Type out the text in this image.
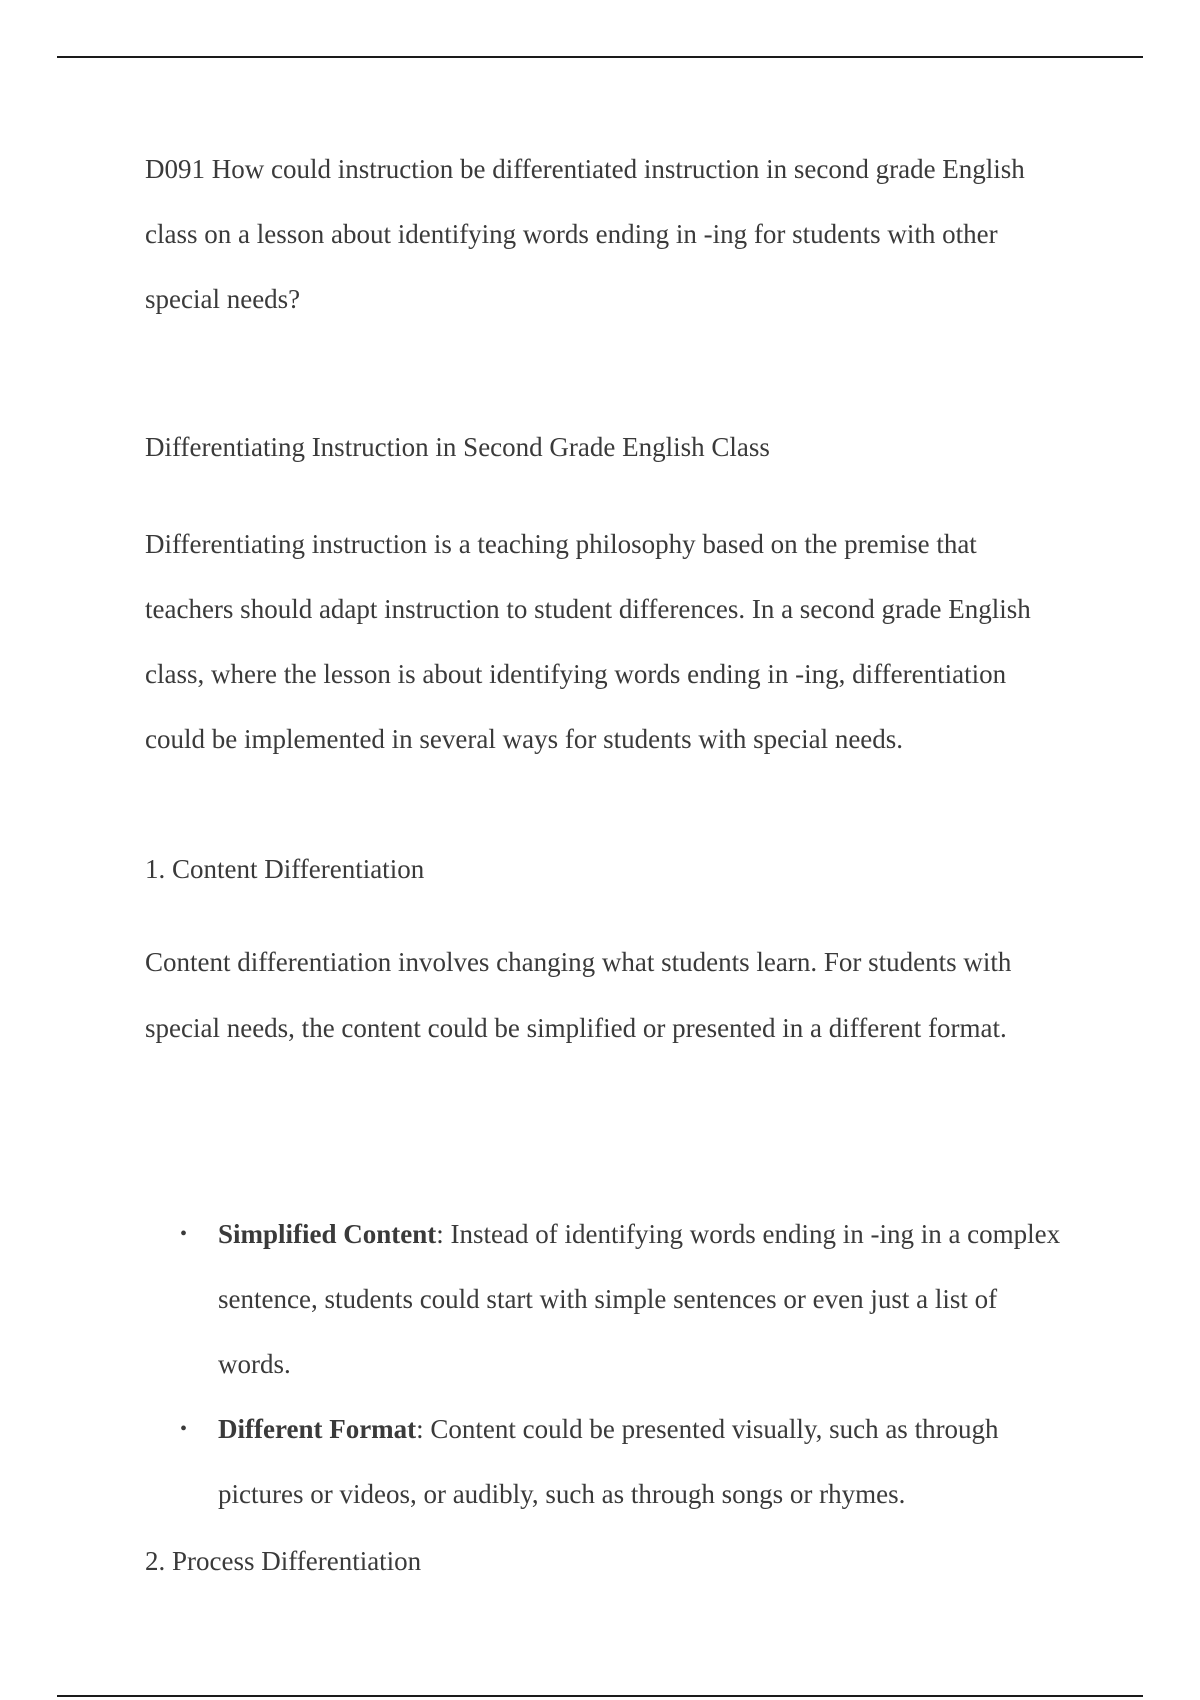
D091 How could instruction be differentiated instruction in second grade English class on a lesson about identifying words ending in -ing for students with other special needs?

Differentiating Instruction in Second Grade English Class

Differentiating instruction is a teaching philosophy based on the premise that teachers should adapt instruction to student differences. In a second grade English class, where the lesson is about identifying words ending in -ing, differentiation could be implemented in several ways for students with special needs.

1. Content Differentiation

Content differentiation involves changing what students learn. For students with special needs, the content could be simplified or presented in a different format.

• Simplified Content: Instead of identifying words ending in -ing in a complex sentence, students could start with simple sentences or even just a list of words.
• Different Format: Content could be presented visually, such as through pictures or videos, or audibly, such as through songs or rhymes.

2. Process Differentiation
